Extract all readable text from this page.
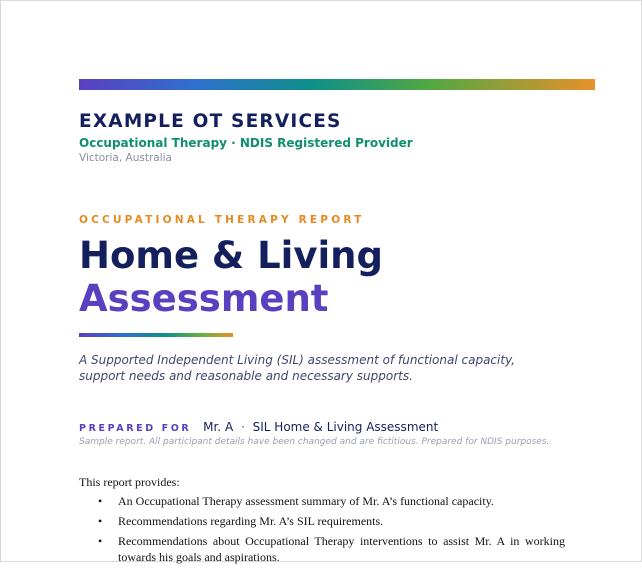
EXAMPLE OT SERVICES
Occupational Therapy · NDIS Registered Provider
Victoria, Australia
OCCUPATIONAL THERAPY REPORT
Home & Living
Assessment
A Supported Independent Living (SIL) assessment of functional capacity, support needs and reasonable and necessary supports.
PREPARED FOR Mr. A · SIL Home & Living Assessment
Sample report. All participant details have been changed and are fictitious. Prepared for NDIS purposes.
This report provides:
• An Occupational Therapy assessment summary of Mr. A’s functional capacity.
• Recommendations regarding Mr. A’s SIL requirements.
• Recommendations about Occupational Therapy interventions to assist Mr. A in working towards his goals and aspirations.
